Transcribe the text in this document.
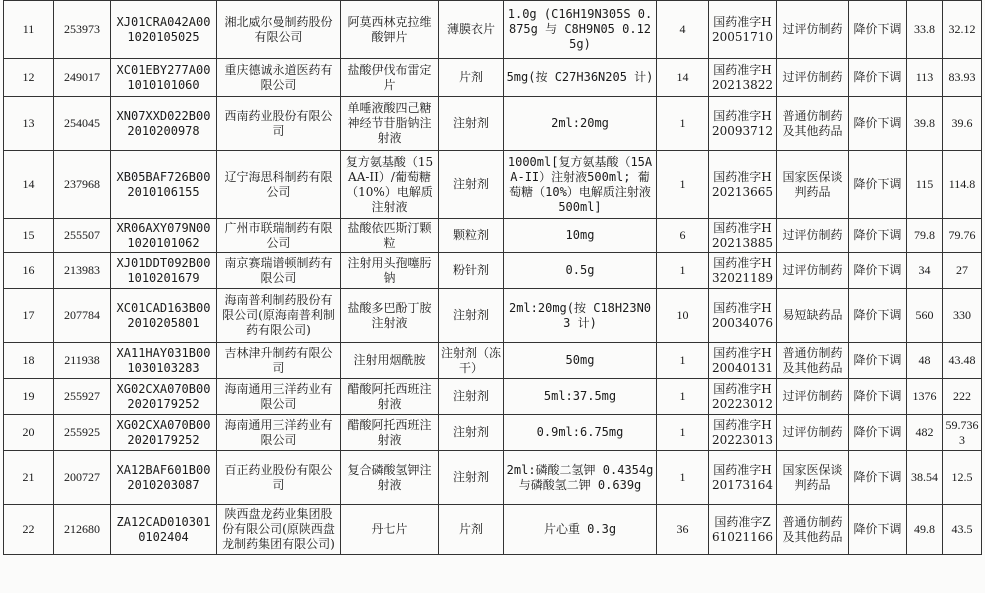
11	253973	XJ01CRA042A001020105025	湘北威尔曼制药股份有限公司	阿莫西林克拉维酸钾片	薄膜衣片	1.0g (C16H19N305S 0.875g 与 C8H9N05 0.125g)	4	国药准字H20051710	过评仿制药	降价下调	33.8	32.12
12	249017	XC01EBY277A001010101060	重庆德诚永道医药有限公司	盐酸伊伐布雷定片	片剂	5mg(按 C27H36N205 计)	14	国药准字H20213822	过评仿制药	降价下调	113	83.93
13	254045	XN07XXD022B002010200978	西南药业股份有限公司	单唾液酸四己糖神经节苷脂钠注射液	注射剂	2ml:20mg	1	国药准字H20093712	普通仿制药及其他药品	降价下调	39.8	39.6
14	237968	XB05BAF726B002010106155	辽宁海思科制药有限公司	复方氨基酸（15AA-II）/葡萄糖（10%）电解质注射液	注射剂	1000ml[复方氨基酸（15AA-II）注射液500ml; 葡萄糖（10%）电解质注射液 500ml]	1	国药准字H20213665	国家医保谈判药品	降价下调	115	114.8
15	255507	XR06AXY079N001020101062	广州市联瑞制药有限公司	盐酸依匹斯汀颗粒	颗粒剂	10mg	6	国药准字H20213885	过评仿制药	降价下调	79.8	79.76
16	213983	XJ01DDT092B001010201679	南京赛瑞谱顿制药有限公司	注射用头孢噻肟钠	粉针剂	0.5g	1	国药准字H32021189	过评仿制药	降价下调	34	27
17	207784	XC01CAD163B002010205801	海南普利制药股份有限公司(原海南普利制药有限公司)	盐酸多巴酚丁胺注射液	注射剂	2ml:20mg(按 C18H23N03 计)	10	国药准字H20034076	易短缺药品	降价下调	560	330
18	211938	XA11HAY031B001030103283	吉林津升制药有限公司	注射用烟酰胺	注射剂（冻干）	50mg	1	国药准字H20040131	普通仿制药及其他药品	降价下调	48	43.48
19	255927	XG02CXA070B002020179252	海南通用三洋药业有限公司	醋酸阿托西班注射液	注射剂	5ml:37.5mg	1	国药准字H20223012	过评仿制药	降价下调	1376	222
20	255925	XG02CXA070B002020179252	海南通用三洋药业有限公司	醋酸阿托西班注射液	注射剂	0.9ml:6.75mg	1	国药准字H20223013	过评仿制药	降价下调	482	59.7363
21	200727	XA12BAF601B002010203087	百正药业股份有限公司	复合磷酸氢钾注射液	注射剂	2ml:磷酸二氢钾 0.4354g 与磷酸氢二钾 0.639g	1	国药准字H20173164	国家医保谈判药品	降价下调	38.54	12.5
22	212680	ZA12CAD0103010102404	陕西盘龙药业集团股份有限公司(原陕西盘龙制药集团有限公司)	丹七片	片剂	片心重 0.3g	36	国药准字Z61021166	普通仿制药及其他药品	降价下调	49.8	43.5
